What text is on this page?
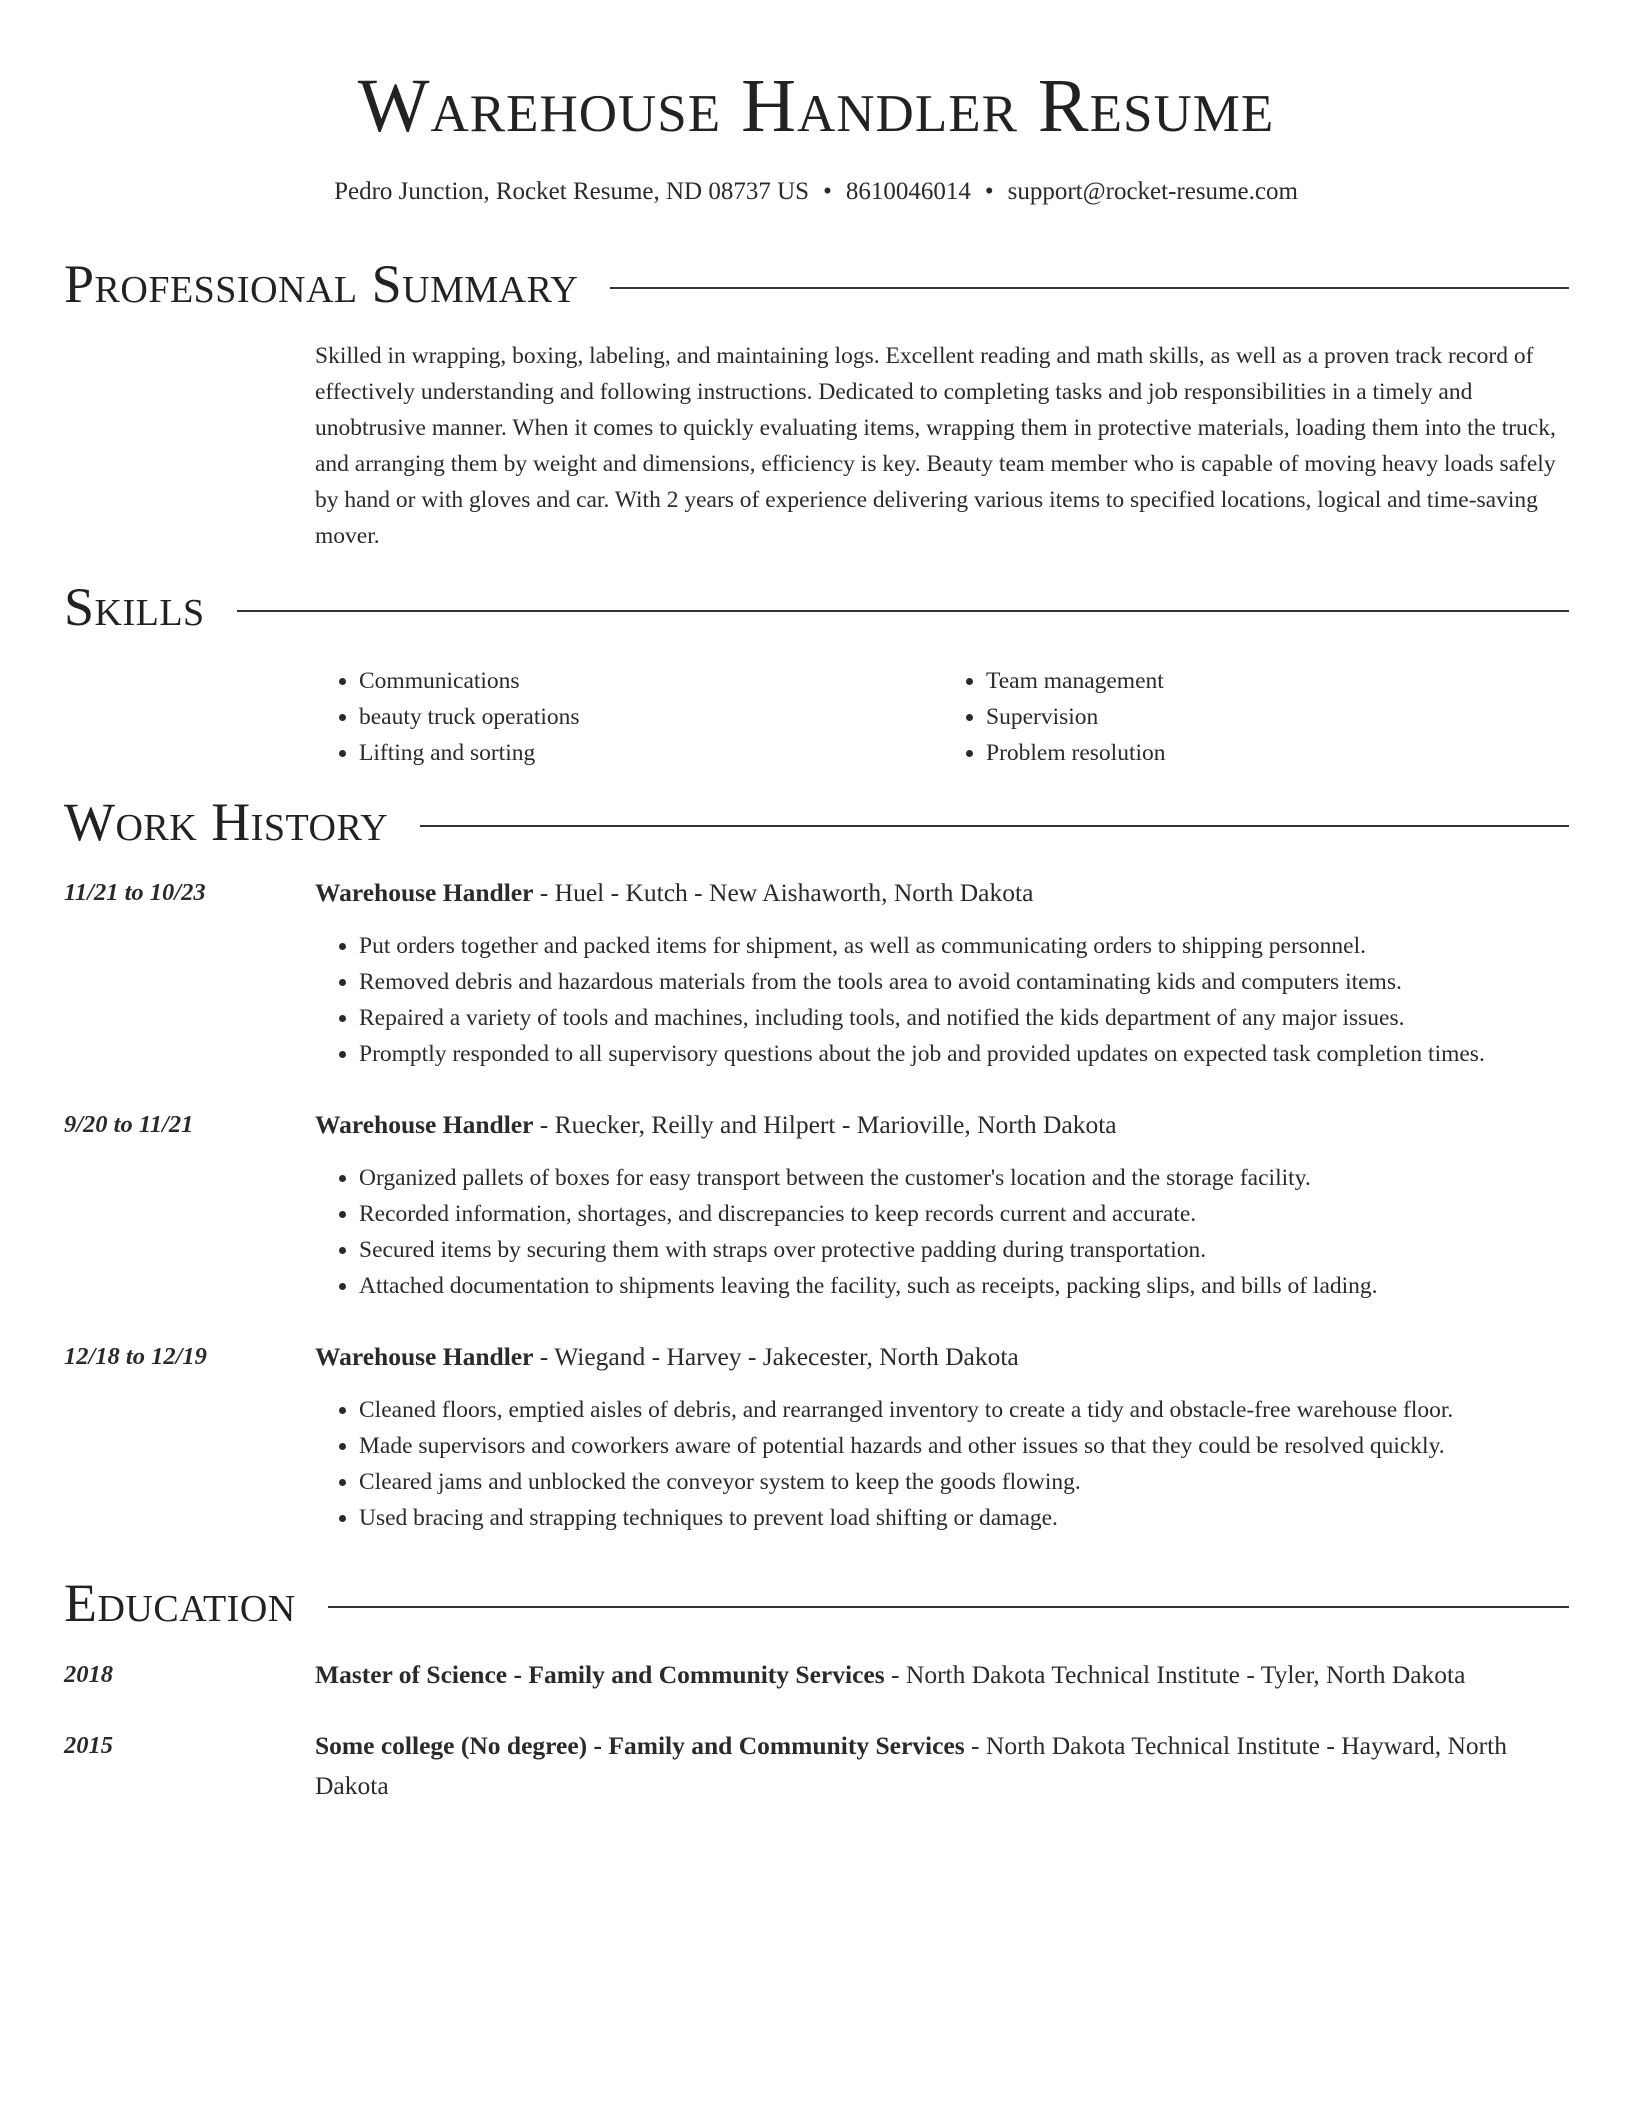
Warehouse Handler Resume
Pedro Junction, Rocket Resume, ND 08737 US • 8610046014 • support@rocket-resume.com
Professional Summary
Skilled in wrapping, boxing, labeling, and maintaining logs. Excellent reading and math skills, as well as a proven track record of effectively understanding and following instructions. Dedicated to completing tasks and job responsibilities in a timely and unobtrusive manner. When it comes to quickly evaluating items, wrapping them in protective materials, loading them into the truck, and arranging them by weight and dimensions, efficiency is key. Beauty team member who is capable of moving heavy loads safely by hand or with gloves and car. With 2 years of experience delivering various items to specified locations, logical and time-saving mover.
Skills
• Communications
• beauty truck operations
• Lifting and sorting
• Team management
• Supervision
• Problem resolution
Work History
11/21 to 10/23	Warehouse Handler - Huel - Kutch - New Aishaworth, North Dakota
• Put orders together and packed items for shipment, as well as communicating orders to shipping personnel.
• Removed debris and hazardous materials from the tools area to avoid contaminating kids and computers items.
• Repaired a variety of tools and machines, including tools, and notified the kids department of any major issues.
• Promptly responded to all supervisory questions about the job and provided updates on expected task completion times.
9/20 to 11/21	Warehouse Handler - Ruecker, Reilly and Hilpert - Marioville, North Dakota
• Organized pallets of boxes for easy transport between the customer's location and the storage facility.
• Recorded information, shortages, and discrepancies to keep records current and accurate.
• Secured items by securing them with straps over protective padding during transportation.
• Attached documentation to shipments leaving the facility, such as receipts, packing slips, and bills of lading.
12/18 to 12/19	Warehouse Handler - Wiegand - Harvey - Jakecester, North Dakota
• Cleaned floors, emptied aisles of debris, and rearranged inventory to create a tidy and obstacle-free warehouse floor.
• Made supervisors and coworkers aware of potential hazards and other issues so that they could be resolved quickly.
• Cleared jams and unblocked the conveyor system to keep the goods flowing.
• Used bracing and strapping techniques to prevent load shifting or damage.
Education
2018	Master of Science - Family and Community Services - North Dakota Technical Institute - Tyler, North Dakota
2015	Some college (No degree) - Family and Community Services - North Dakota Technical Institute - Hayward, North Dakota
